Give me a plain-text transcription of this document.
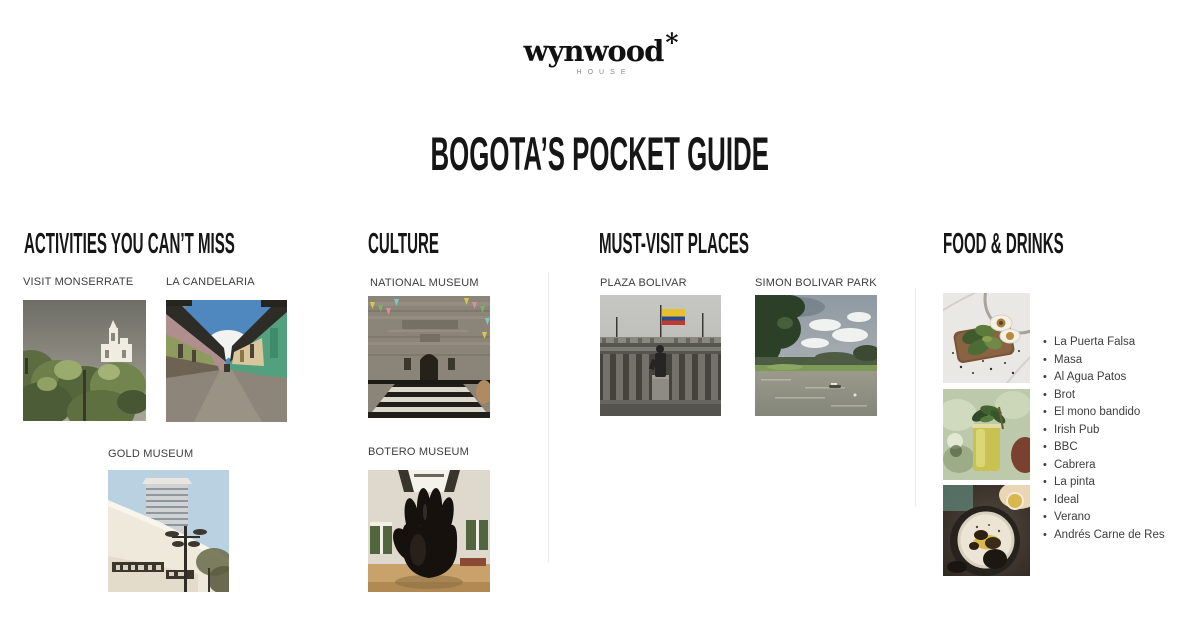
wynwood*
HOUSE
BOGOTA’S POCKET GUIDE
ACTIVITIES YOU CAN’T MISS
VISIT MONSERRATE	LA CANDELARIA
GOLD MUSEUM
CULTURE
NATIONAL MUSEUM
BOTERO MUSEUM
MUST-VISIT PLACES
PLAZA BOLIVAR	SIMON BOLIVAR PARK
FOOD & DRINKS
• La Puerta Falsa
• Masa
• Al Agua Patos
• Brot
• El mono bandido
• Irish Pub
• BBC
• Cabrera
• La pinta
• Ideal
• Verano
• Andrés Carne de Res
